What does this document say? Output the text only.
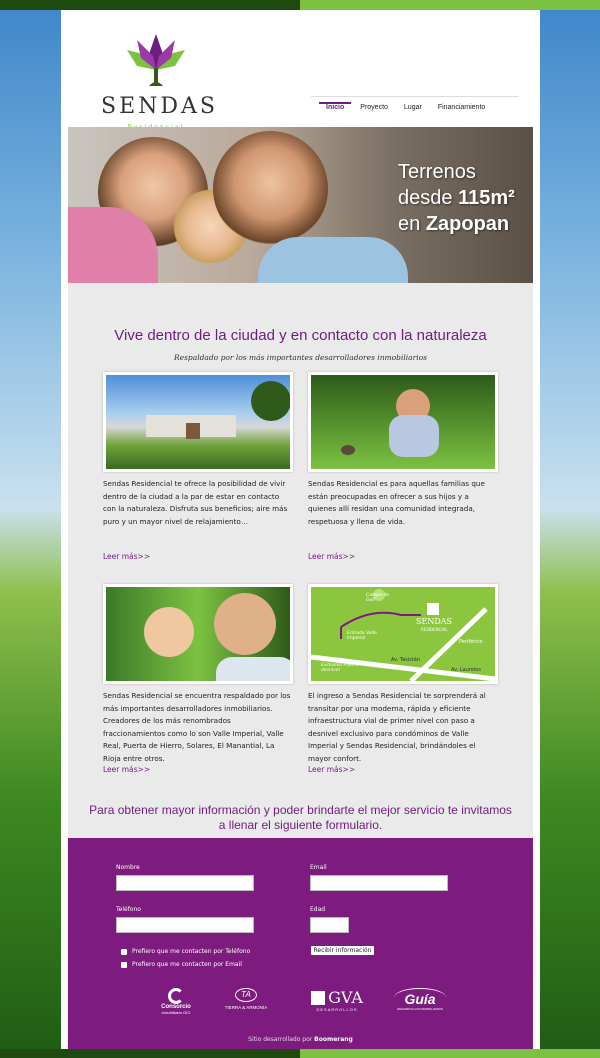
SENDAS	Inicio	Proyecto	Lugar	Financiamiento
Terrenos
desde 115m²
en Zapopan
Vive dentro de la ciudad y en contacto con la naturaleza
Respaldado por los más importantes desarrolladores inmobiliarios
Sendas Residencial te ofrece la posibilidad de vivir dentro de la ciudad a la par de estar en contacto con la naturaleza. Disfruta sus beneficios; aire más puro y un mayor nivel de relajamiento…
Leer más>>
Sendas Residencial es para aquellas familias que están preocupadas en ofrecer a sus hijos y a quienes allí residan una comunidad integrada, respetuosa y llena de vida.
Leer más>>
Sendas Residencial se encuentra respaldado por los más importantes desarrolladores inmobiliarios. Creadores de los más renombrados fraccionamientos como lo son Valle Imperial, Valle Real, Puerta de Hierro, Solares, El Manantial, La Rioja entre otros.
Leer más>>
Campo de Golf
Entrada Valle Imperial
Exclusivo Paso a desnivel
Av. Tesistán
Av. Laureles
Periférico
SENDAS
RESIDENCIAL
El ingreso a Sendas Residencial te sorprenderá al transitar por una moderna, rápida y eficiente infraestructura vial de primer nivel con paso a desnivel exclusivo para condóminos de Valle Imperial y Sendas Residencial, brindándoles el mayor confort.
Leer más>>
Para obtener mayor información y poder brindarte el mejor servicio te invitamos
a llenar el siguiente formulario.
Nombre	Email
Teléfono	Edad
Prefiero que me contacten por Teléfono
Prefiero que me contacten por Email
Recibir información
Consorcio
Inmobiliario GIG
TA
TIERRA & ARMONÍA
GVA
DESARROLLOS
Guía
DESARROLLOS INMOBILIARIOS
Sitio desarrollado por Boomerang
